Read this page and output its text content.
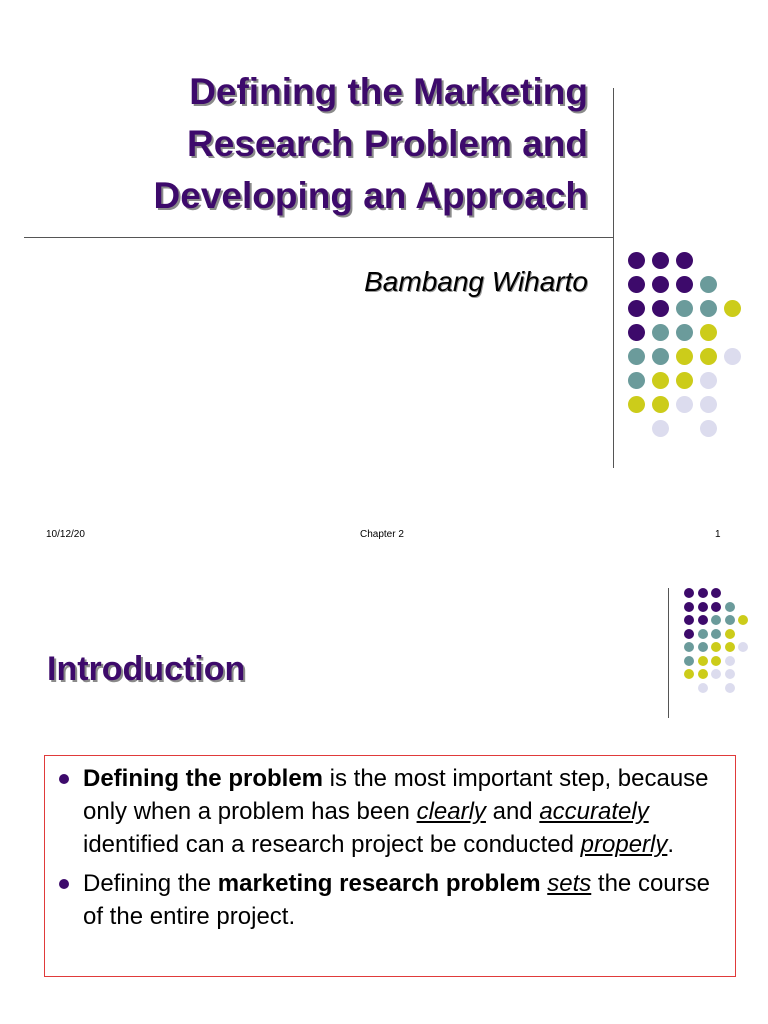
Defining the Marketing
Research Problem and
Developing an Approach
Bambang Wiharto
10/12/20	Chapter 2	1
Introduction
Defining the problem is the most important step, because only when a problem has been clearly and accurately identified can a research project be conducted properly.
Defining the marketing research problem sets the course of the entire project.
